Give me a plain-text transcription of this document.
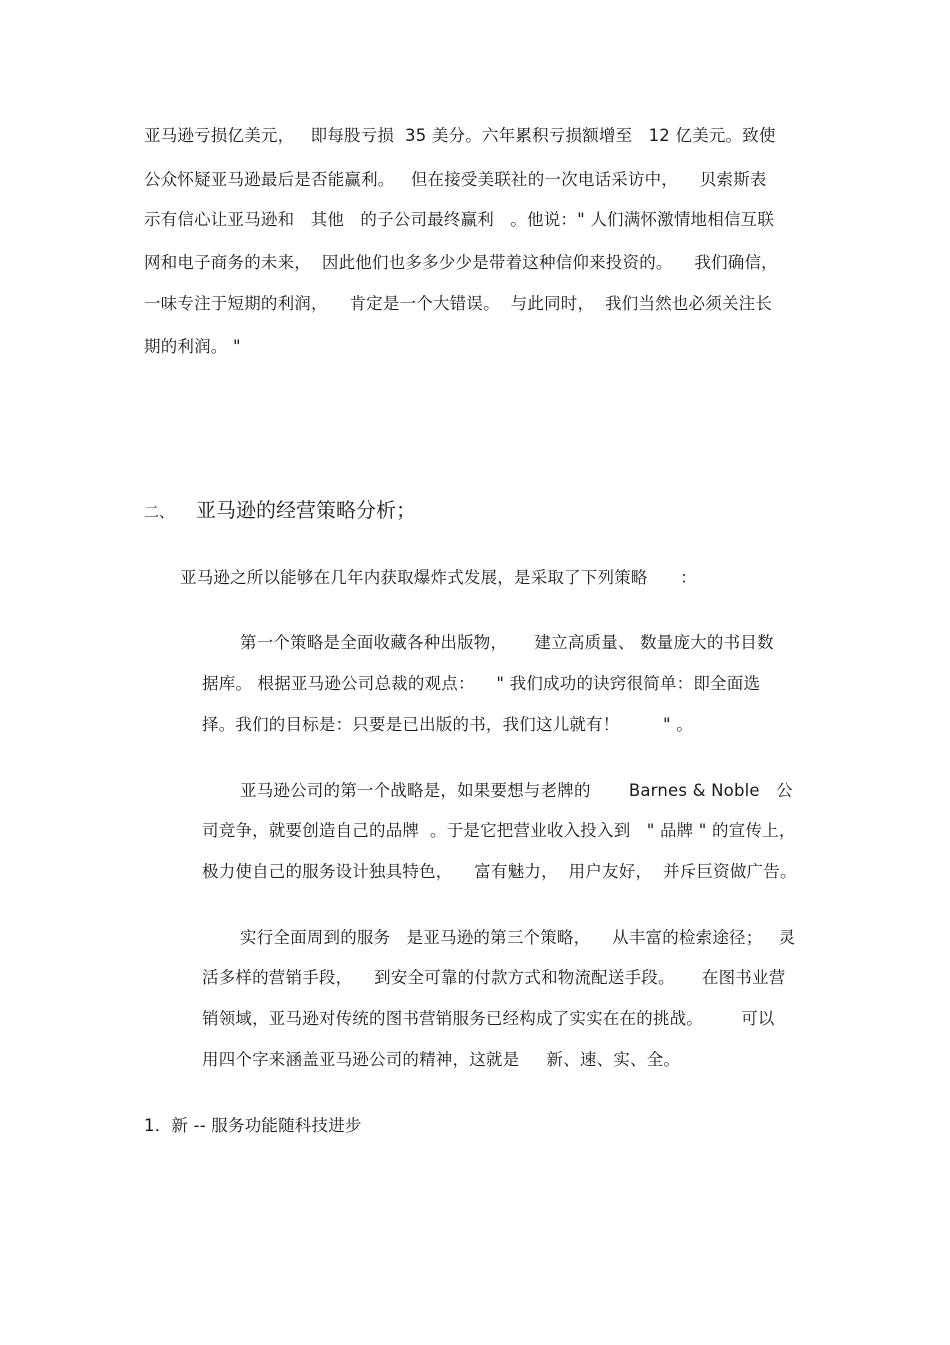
亚马逊亏损亿美元，   即每股亏损  35 美分。六年累积亏损额增至   12 亿美元。致使
公众怀疑亚马逊最后是否能赢利。   但在接受美联社的一次电话采访中，    贝索斯表
示有信心让亚马逊和   其他   的子公司最终赢利   。他说：" 人们满怀激情地相信互联
网和电子商务的未来，  因此他们也多多少少是带着这种信仰来投资的。    我们确信，
一味专注于短期的利润，    肯定是一个大错误。  与此同时，  我们当然也必须关注长
期的利润。 "
二、 亚马逊的经营策略分析；
亚马逊之所以能够在几年内获取爆炸式发展，是采取了下列策略      ：
第一个策略是全面收藏各种出版物，     建立高质量、 数量庞大的书目数
据库。 根据亚马逊公司总裁的观点：    " 我们成功的诀窍很简单：即全面选
择。我们的目标是：只要是已出版的书，我们这儿就有！        " 。
亚马逊公司的第一个战略是，如果要想与老牌的       Barnes & Noble   公
司竞争，就要创造自己的品牌  。于是它把营业收入投入到   " 品牌 " 的宣传上，
极力使自己的服务设计独具特色，    富有魅力，  用户友好，  并斥巨资做广告。
实行全面周到的服务   是亚马逊的第三个策略，    从丰富的检索途径；   灵
活多样的营销手段，    到安全可靠的付款方式和物流配送手段。     在图书业营
销领域，亚马逊对传统的图书营销服务已经构成了实实在在的挑战。       可以
用四个字来涵盖亚马逊公司的精神，这就是     新、速、实、全。
1．新 -- 服务功能随科技进步
